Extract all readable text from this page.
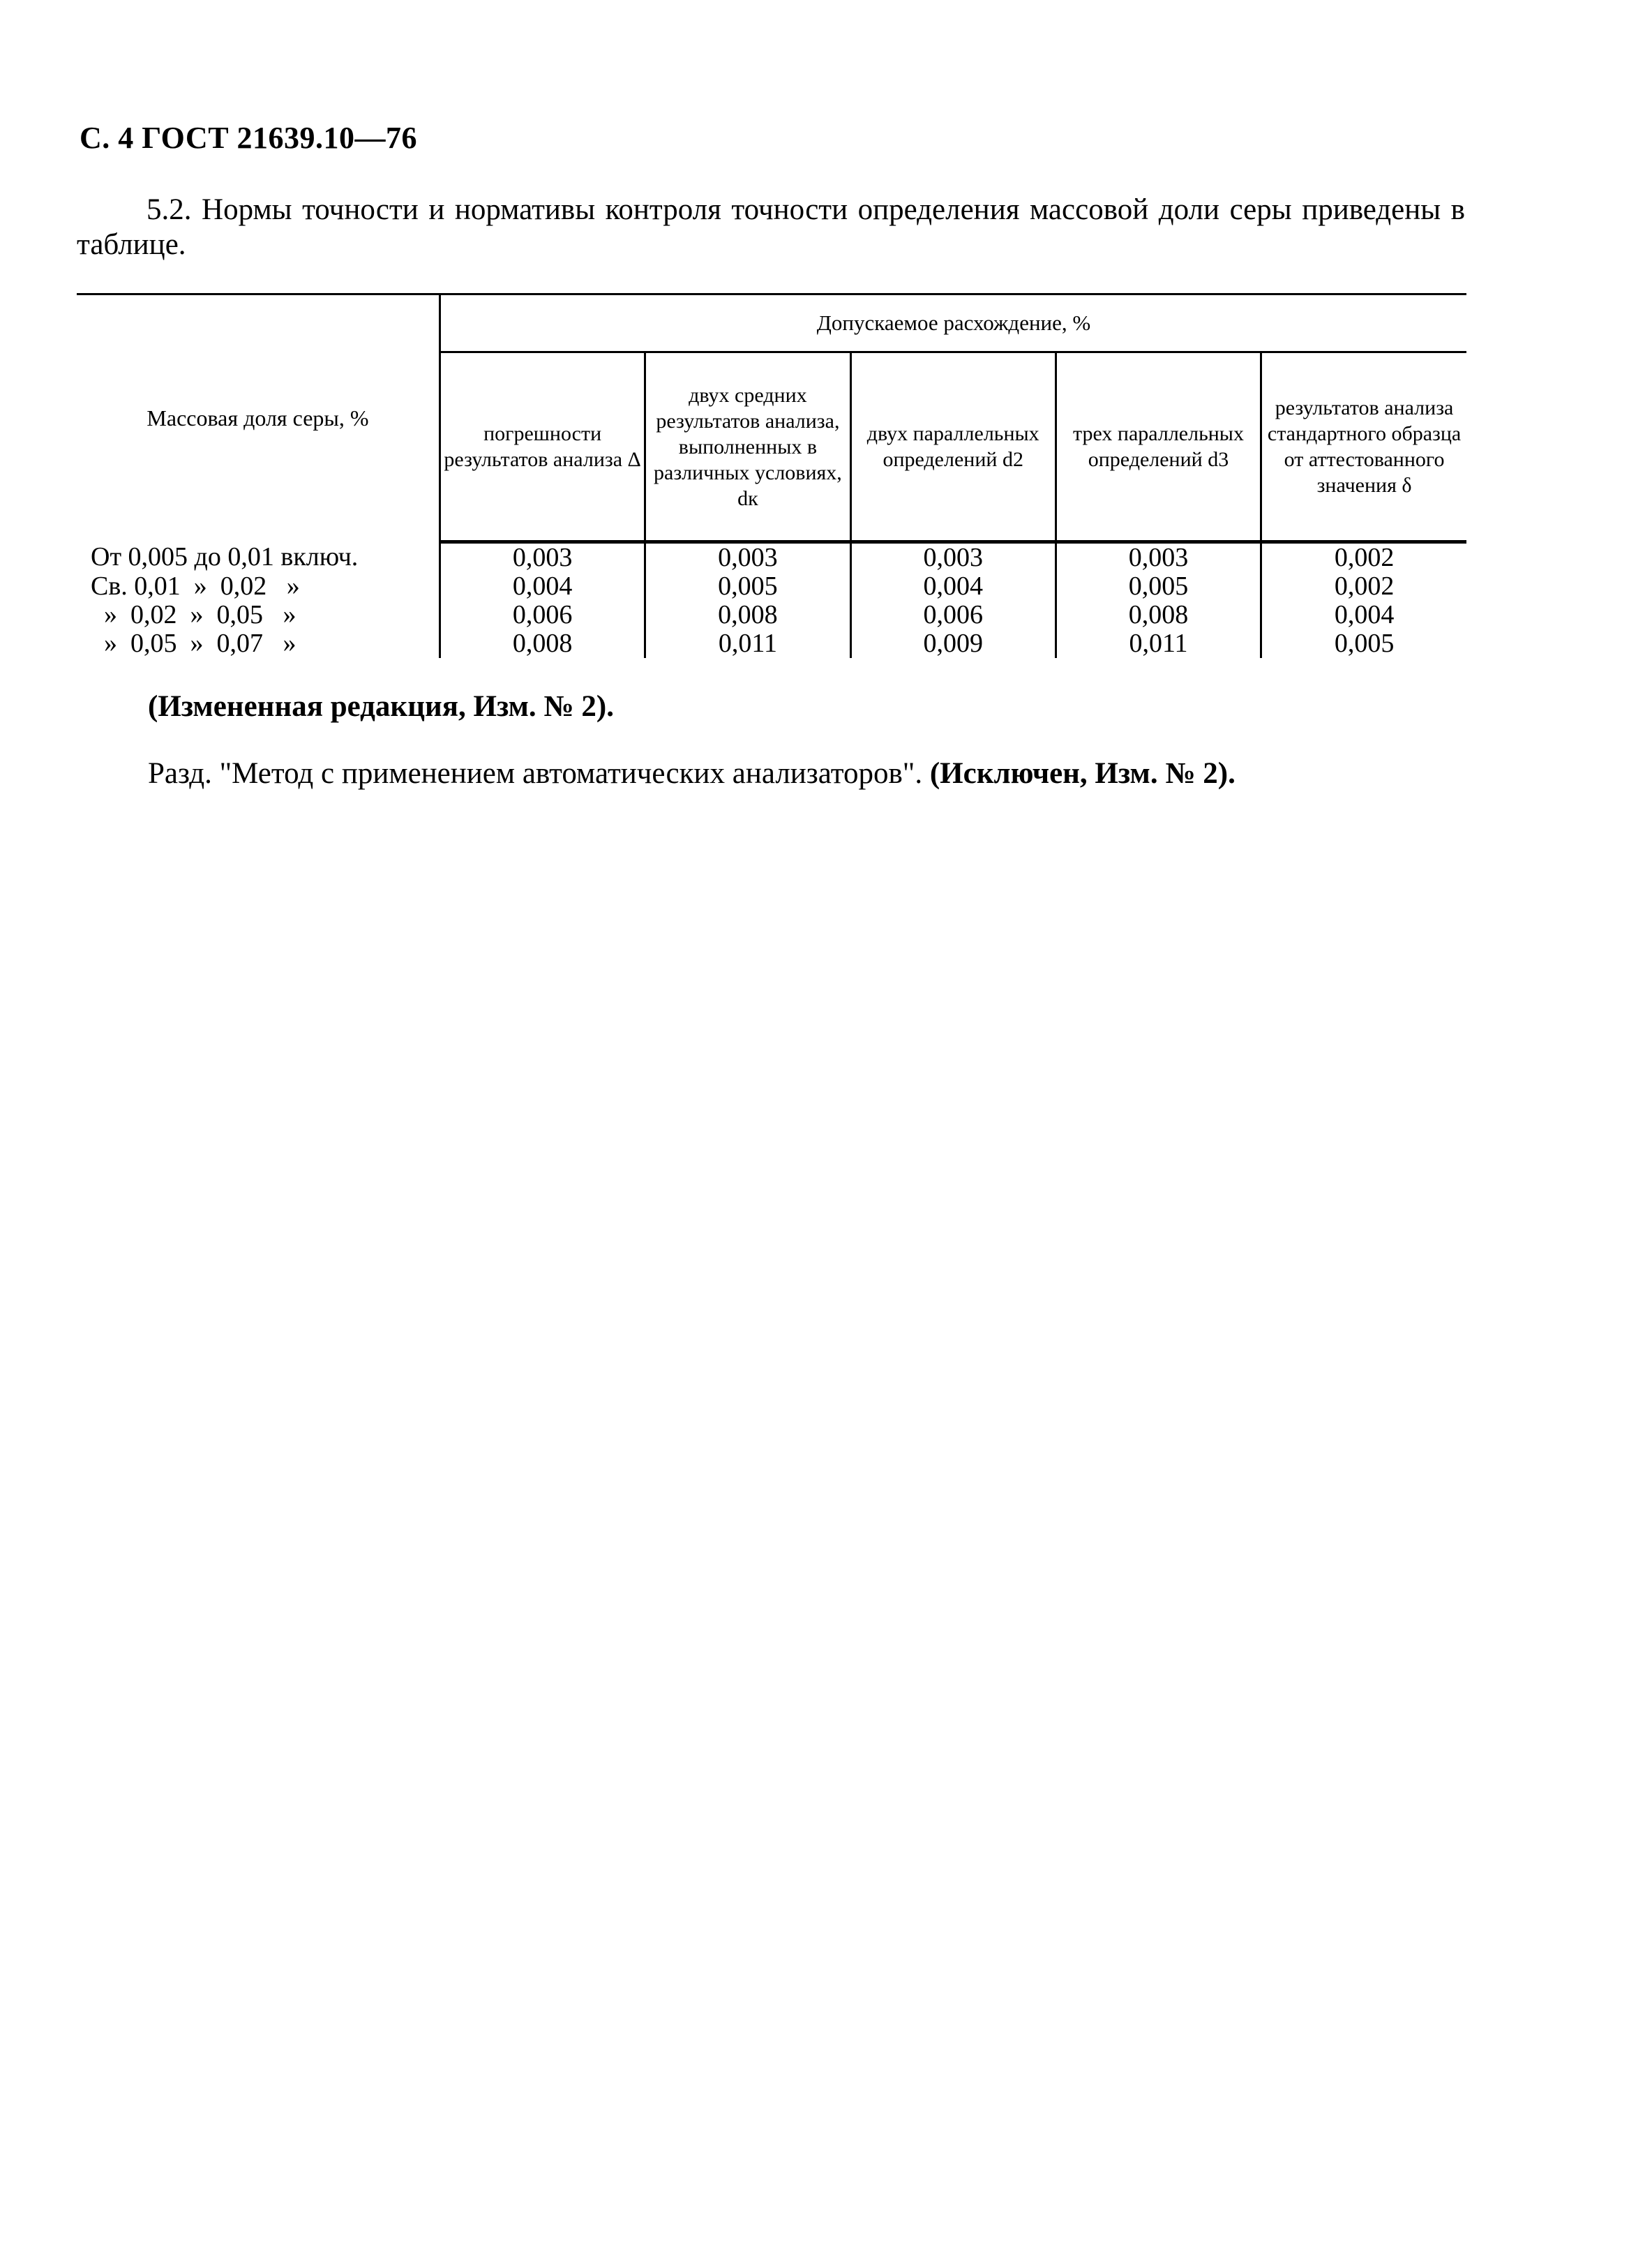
С. 4 ГОСТ 21639.10—76
5.2. Нормы точности и нормативы контроля точности определения массовой доли серы приведены в таблице.
Массовая доля серы, %	Допускаемое расхождение, %				
	погрешности результатов анализа Δ	двух средних результатов анализа, выполненных в различных условиях, dк	двух параллельных определений d2	трех параллельных определений d3	результатов анализа стандартного образца от аттестованного значения δ
От 0,005 до 0,01 включ.	0,003	0,003	0,003	0,003	0,002
Св. 0,01  »  0,02   »	0,004	0,005	0,004	0,005	0,002
»  0,02  »  0,05   »	0,006	0,008	0,006	0,008	0,004
»  0,05  »  0,07   »	0,008	0,011	0,009	0,011	0,005
(Измененная редакция, Изм. № 2).
Разд. "Метод с применением автоматических анализаторов". (Исключен, Изм. № 2).
